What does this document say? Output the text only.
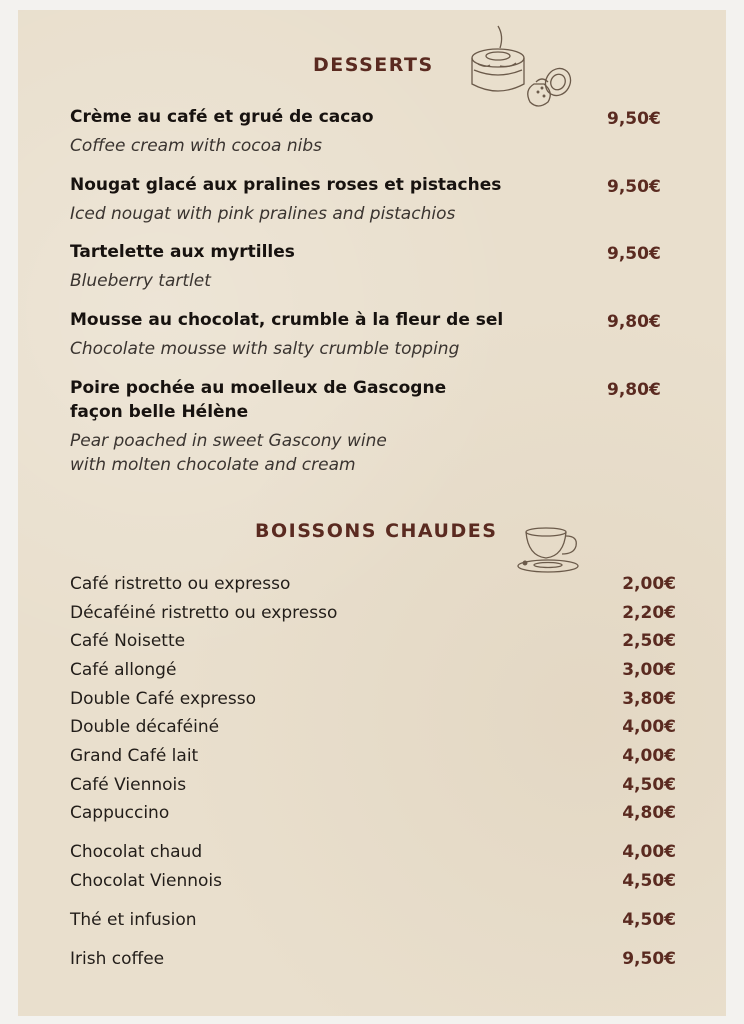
DESSERTS
Crème au café et grué de cacao
Coffee cream with cocoa nibs
9,50€
Nougat glacé aux pralines roses et pistaches
Iced nougat with pink pralines and pistachios
9,50€
Tartelette aux myrtilles
Blueberry tartlet
9,50€
Mousse au chocolat, crumble à la fleur de sel
Chocolate mousse with salty crumble topping
9,80€
Poire pochée au moelleux de Gascogne
façon belle Hélène
Pear poached in sweet Gascony wine
with molten chocolate and cream
9,80€
BOISSONS CHAUDES
Café ristretto ou expresso	2,00€
Décaféiné ristretto ou expresso	2,20€
Café Noisette	2,50€
Café allongé	3,00€
Double Café expresso	3,80€
Double décaféiné	4,00€
Grand Café lait	4,00€
Café Viennois	4,50€
Cappuccino	4,80€
Chocolat chaud	4,00€
Chocolat Viennois	4,50€
Thé et infusion	4,50€
Irish coffee	9,50€
